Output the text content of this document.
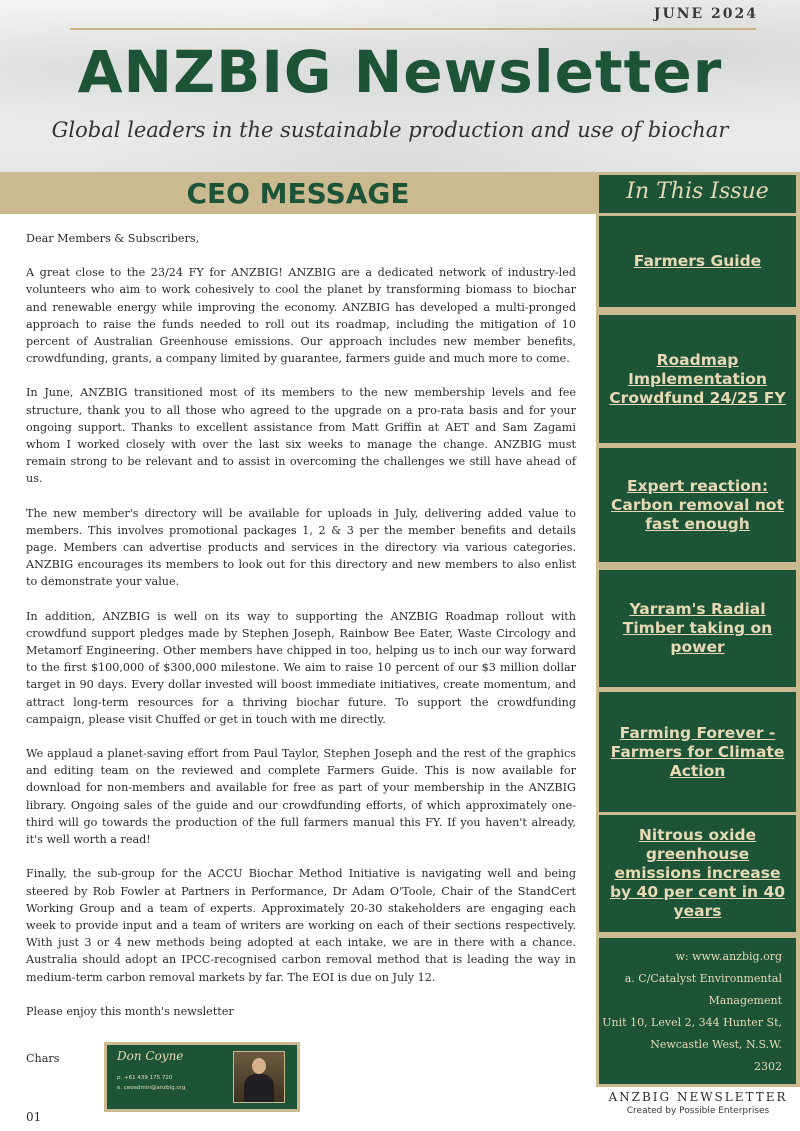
JUNE 2024
ANZBIG Newsletter
Global leaders in the sustainable production and use of biochar
CEO MESSAGE

Dear Members & Subscribers,

A great close to the 23/24 FY for ANZBIG! ANZBIG are a dedicated network of industry-led volunteers who aim to work cohesively to cool the planet by transforming biomass to biochar and renewable energy while improving the economy. ANZBIG has developed a multi-pronged approach to raise the funds needed to roll out its roadmap, including the mitigation of 10 percent of Australian Greenhouse emissions. Our approach includes new member benefits, crowdfunding, grants, a company limited by guarantee, farmers guide and much more to come.

In June, ANZBIG transitioned most of its members to the new membership levels and fee structure, thank you to all those who agreed to the upgrade on a pro-rata basis and for your ongoing support. Thanks to excellent assistance from Matt Griffin at AET and Sam Zagami whom I worked closely with over the last six weeks to manage the change. ANZBIG must remain strong to be relevant and to assist in overcoming the challenges we still have ahead of us.

The new member's directory will be available for uploads in July, delivering added value to members. This involves promotional packages 1, 2 & 3 per the member benefits and details page. Members can advertise products and services in the directory via various categories. ANZBIG encourages its members to look out for this directory and new members to also enlist to demonstrate your value.

In addition, ANZBIG is well on its way to supporting the ANZBIG Roadmap rollout with crowdfund support pledges made by Stephen Joseph, Rainbow Bee Eater, Waste Circology and Metamorf Engineering. Other members have chipped in too, helping us to inch our way forward to the first $100,000 of $300,000 milestone. We aim to raise 10 percent of our $3 million dollar target in 90 days. Every dollar invested will boost immediate initiatives, create momentum, and attract long-term resources for a thriving biochar future. To support the crowdfunding campaign, please visit Chuffed or get in touch with me directly.

We applaud a planet-saving effort from Paul Taylor, Stephen Joseph and the rest of the graphics and editing team on the reviewed and complete Farmers Guide. This is now available for download for non-members and available for free as part of your membership in the ANZBIG library. Ongoing sales of the guide and our crowdfunding efforts, of which approximately one-third will go towards the production of the full farmers manual this FY. If you haven't already, it's well worth a read!

Finally, the sub-group for the ACCU Biochar Method Initiative is navigating well and being steered by Rob Fowler at Partners in Performance, Dr Adam O'Toole, Chair of the StandCert Working Group and a team of experts. Approximately 20-30 stakeholders are engaging each week to provide input and a team of writers are working on each of their sections respectively. With just 3 or 4 new methods being adopted at each intake, we are in there with a chance. Australia should adopt an IPCC-recognised carbon removal method that is leading the way in medium-term carbon removal markets by far. The EOI is due on July 12.

Please enjoy this month's newsletter

Chars
01
Don Coyne
p. +61 439 175 720
e. ceoadmin@anzbig.org
In This Issue
Farmers Guide
Roadmap Implementation Crowdfund 24/25 FY
Expert reaction: Carbon removal not fast enough
Yarram's Radial Timber taking on power
Farming Forever - Farmers for Climate Action
Nitrous oxide greenhouse emissions increase by 40 per cent in 40 years
w: www.anzbig.org
a. C/Catalyst Environmental
Management
Unit 10, Level 2, 344 Hunter St,
Newcastle West, N.S.W.
2302
ANZBIG NEWSLETTER
Created by Possible Enterprises
